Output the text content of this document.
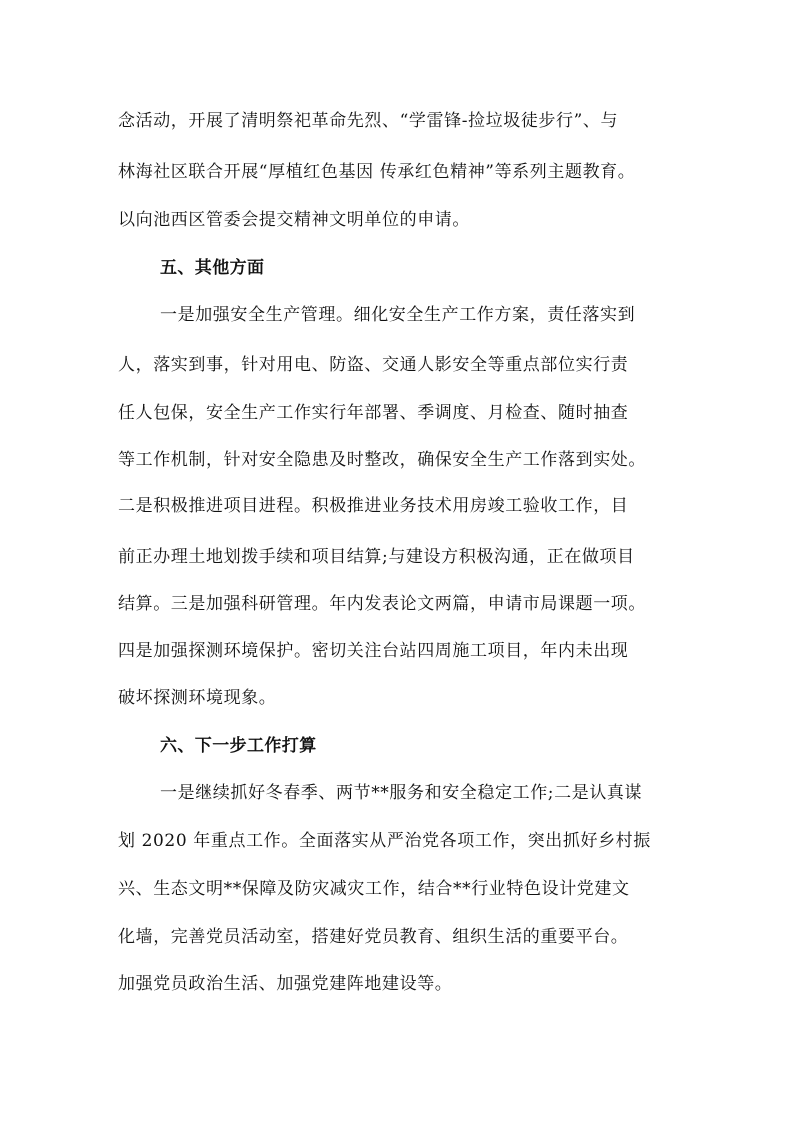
念活动，开展了清明祭祀革命先烈、“学雷锋-捡垃圾徒步行”、与
林海社区联合开展“厚植红色基因 传承红色精神”等系列主题教育。
以向池西区管委会提交精神文明单位的申请。
五、其他方面
一是加强安全生产管理。细化安全生产工作方案，责任落实到
人，落实到事，针对用电、防盗、交通人影安全等重点部位实行责
任人包保，安全生产工作实行年部署、季调度、月检查、随时抽查
等工作机制，针对安全隐患及时整改，确保安全生产工作落到实处。
二是积极推进项目进程。积极推进业务技术用房竣工验收工作，目
前正办理土地划拨手续和项目结算;与建设方积极沟通，正在做项目
结算。三是加强科研管理。年内发表论文两篇，申请市局课题一项。
四是加强探测环境保护。密切关注台站四周施工项目，年内未出现
破坏探测环境现象。
六、下一步工作打算
一是继续抓好冬春季、两节**服务和安全稳定工作;二是认真谋
划 2020 年重点工作。全面落实从严治党各项工作，突出抓好乡村振
兴、生态文明**保障及防灾减灾工作，结合**行业特色设计党建文
化墙，完善党员活动室，搭建好党员教育、组织生活的重要平台。
加强党员政治生活、加强党建阵地建设等。
